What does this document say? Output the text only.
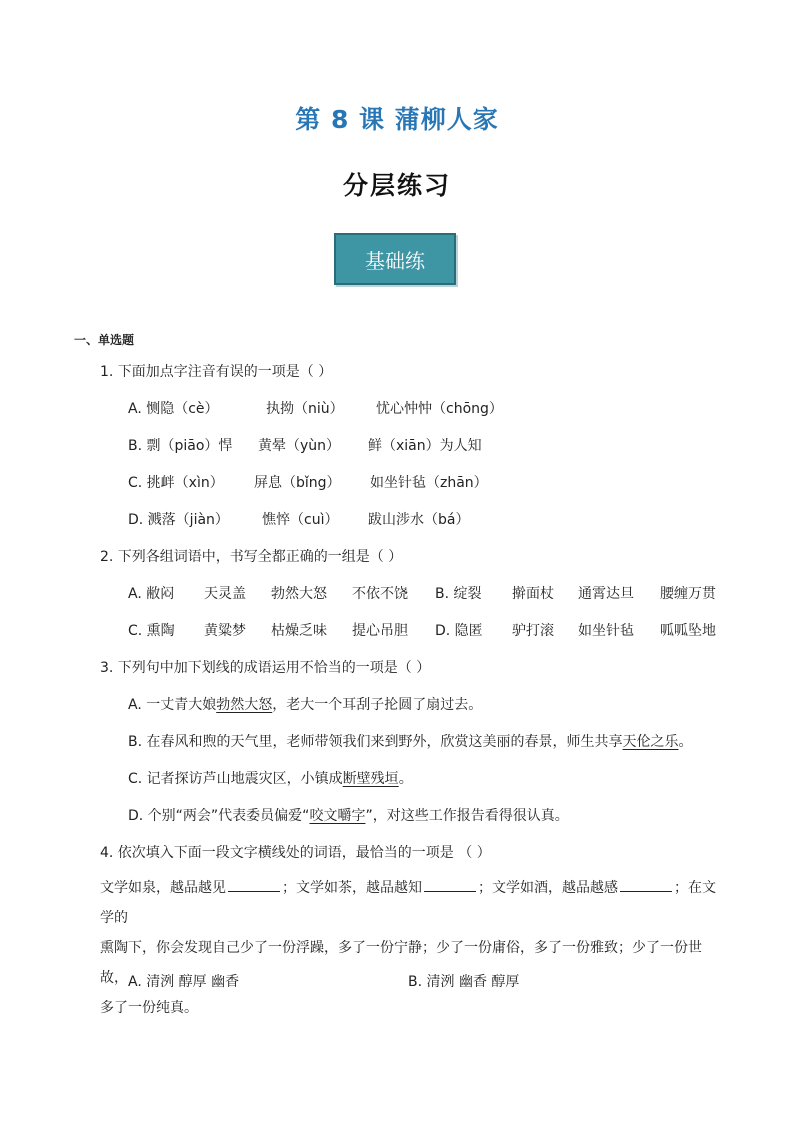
第 8 课 蒲柳人家
分层练习
基础练
一、单选题
1. 下面加点字注音有误的一项是（ ）
A. 恻隐（cè）	执拗（niù） 忧心忡忡（chōng）
B. 剽（piāo）悍 黄晕（yùn） 鲜（xiān）为人知
C. 挑衅（xìn） 屏息（bǐng） 如坐针毡（zhān）
D. 溅落（jiàn） 憔悴（cuì） 跋山涉水（bá）
2. 下列各组词语中，书写全都正确的一组是（ ）
A. 敝闷 天灵盖 勃然大怒 不依不饶 B. 绽裂 擀面杖 通霄达旦 腰缠万贯
C. 熏陶 黄粱梦 枯燥乏味 提心吊胆 D. 隐匿 驴打滚 如坐针毡 呱呱坠地
3. 下列句中加下划线的成语运用不恰当的一项是（ ）
A. 一丈青大娘勃然大怒，老大一个耳刮子抡圆了扇过去。
B. 在春风和煦的天气里，老师带领我们来到野外，欣赏这美丽的春景，师生共享天伦之乐。
C. 记者探访芦山地震灾区，小镇成断壁残垣。
D. 个别“两会”代表委员偏爱“咬文嚼字”，对这些工作报告看得很认真。
4. 依次填入下面一段文字横线处的词语，最恰当的一项是 （ ）
文学如泉，越品越见	；文学如茶，越品越知	；文学如酒，越品越感	；在文学的
熏陶下，你会发现自己少了一份浮躁，多了一份宁静；少了一份庸俗，多了一份雅致；少了一份世故，
多了一份纯真。
A. 清洌 醇厚 幽香	B. 清洌 幽香 醇厚
